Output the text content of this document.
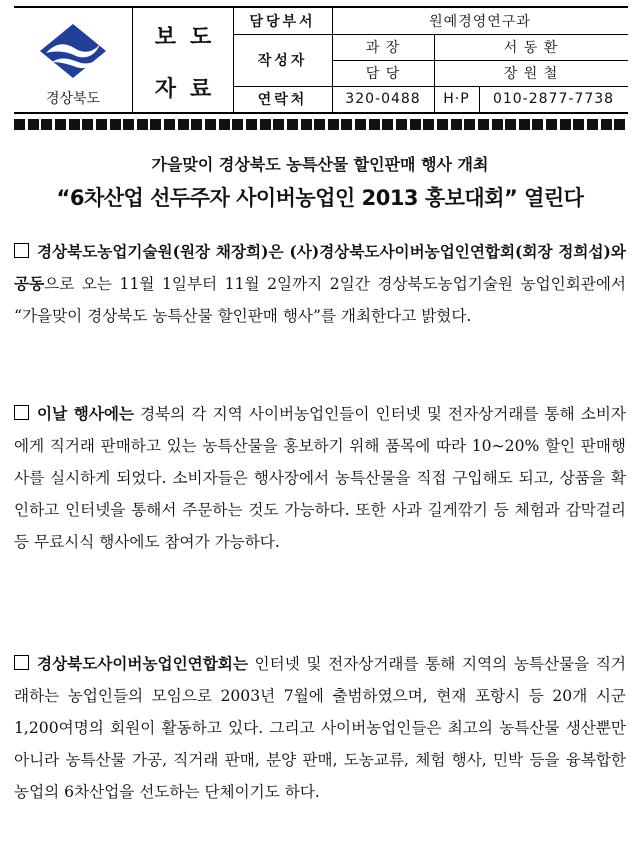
경상북도
보도
자료
담당부서	원예경영연구과
작성자
과 장	서 동 환
담 당	장 원 철
연락처	320-0488	H·P	010-2877-7738
가을맞이 경상북도 농특산물 할인판매 행사 개최
“6차산업 선두주자 사이버농업인 2013 홍보대회” 열린다
경상북도농업기술원(원장 채장희)은 (사)경상북도사이버농업인연합회(회장 정희섭)와 공동으로 오는 11월 1일부터 11월 2일까지 2일간 경상북도농업기술원 농업인회관에서 “가을맞이 경상북도 농특산물 할인판매 행사”를 개최한다고 밝혔다.
이날 행사에는 경북의 각 지역 사이버농업인들이 인터넷 및 전자상거래를 통해 소비자에게 직거래 판매하고 있는 농특산물을 홍보하기 위해 품목에 따라 10∼20% 할인 판매행사를 실시하게 되었다. 소비자들은 행사장에서 농특산물을 직접 구입해도 되고, 상품을 확인하고 인터넷을 통해서 주문하는 것도 가능하다. 또한 사과 길게깎기 등 체험과 감막걸리 등 무료시식 행사에도 참여가 가능하다.
경상북도사이버농업인연합회는 인터넷 및 전자상거래를 통해 지역의 농특산물을 직거래하는 농업인들의 모임으로 2003년 7월에 출범하였으며, 현재 포항시 등 20개 시군 1,200여명의 회원이 활동하고 있다. 그리고 사이버농업인들은 최고의 농특산물 생산뿐만 아니라 농특산물 가공, 직거래 판매, 분양 판매, 도농교류, 체험 행사, 민박 등을 융복합한 농업의 6차산업을 선도하는 단체이기도 하다.
